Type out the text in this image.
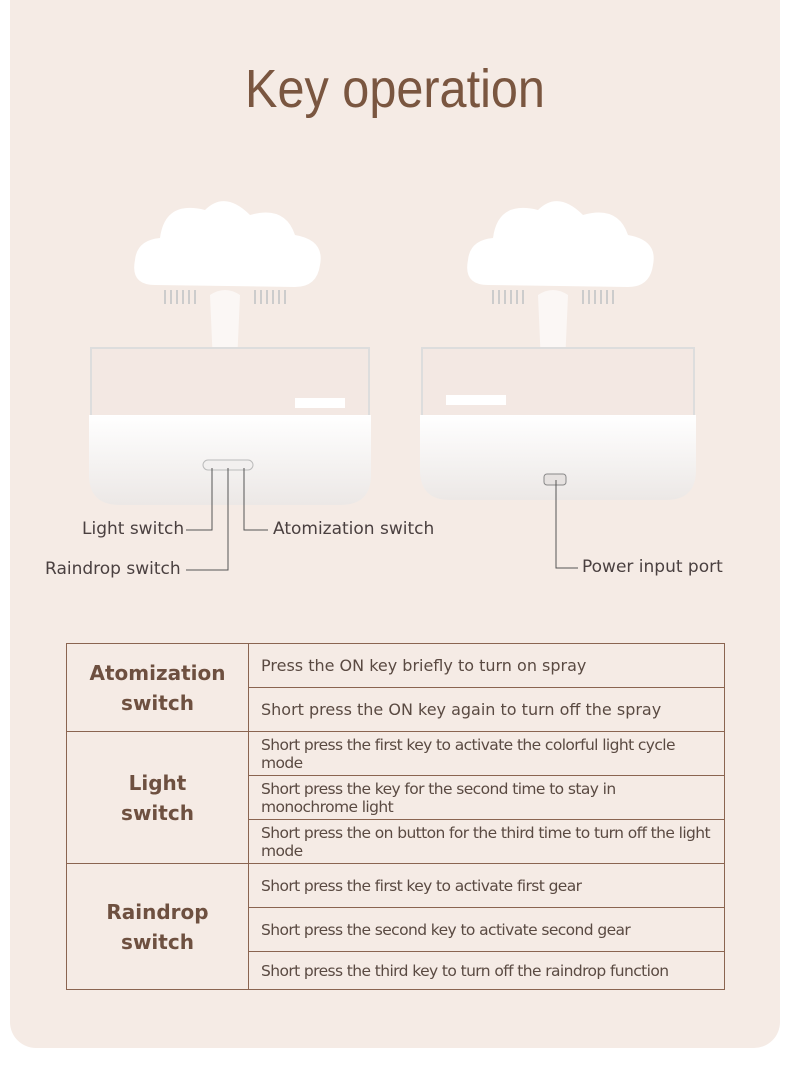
Key operation
Light switch
Raindrop switch
Atomization switch
Power input port
Atomization switch	Press the ON key briefly to turn on spray
	Short press the ON key again to turn off the spray
Light switch	Short press the first key to activate the colorful light cycle mode
	Short press the key for the second time to stay in monochrome light
	Short press the on button for the third time to turn off the light mode
Raindrop switch	Short press the first key to activate first gear
	Short press the second key to activate second gear
	Short press the third key to turn off the raindrop function
